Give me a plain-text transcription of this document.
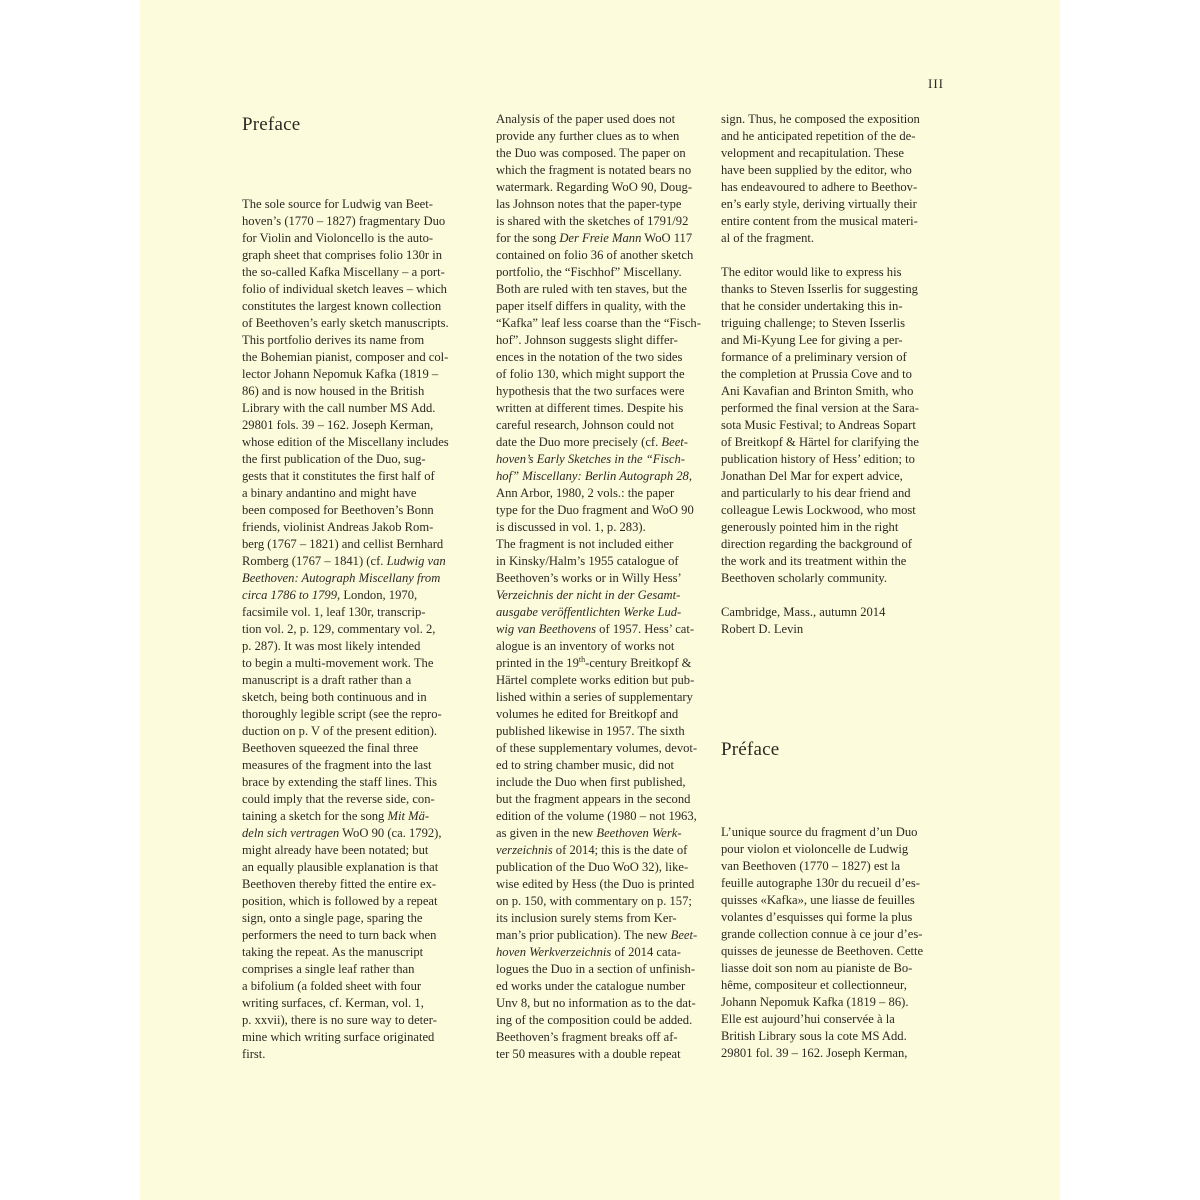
III
Preface

The sole source for Ludwig van Beet-
hoven’s (1770 – 1827) fragmentary Duo
for Violin and Violoncello is the auto-
graph sheet that comprises folio 130r in
the so-called Kafka Miscellany – a port-
folio of individual sketch leaves – which
constitutes the largest known collection
of Beethoven’s early sketch manuscripts.
This portfolio derives its name from
the Bohemian pianist, composer and col-
lector Johann Nepomuk Kafka (1819 –
86) and is now housed in the British
Library with the call number MS Add.
29801 fols. 39 – 162. Joseph Kerman,
whose edition of the Miscellany includes
the first publication of the Duo, sug-
gests that it constitutes the first half of
a binary andantino and might have
been composed for Beethoven’s Bonn
friends, violinist Andreas Jakob Rom-
berg (1767 – 1821) and cellist Bernhard
Romberg (1767 – 1841) (cf. Ludwig van
Beethoven: Autograph Miscellany from
circa 1786 to 1799, London, 1970,
facsimile vol. 1, leaf 130r, transcrip-
tion vol. 2, p. 129, commentary vol. 2,
p. 287). It was most likely intended
to begin a multi-movement work. The
manuscript is a draft rather than a
sketch, being both continuous and in
thoroughly legible script (see the repro-
duction on p. V of the present edition).
Beethoven squeezed the final three
measures of the fragment into the last
brace by extending the staff lines. This
could imply that the reverse side, con-
taining a sketch for the song Mit Mä-
deln sich vertragen WoO 90 (ca. 1792),
might already have been notated; but
an equally plausible explanation is that
Beethoven thereby fitted the entire ex-
position, which is followed by a repeat
sign, onto a single page, sparing the
performers the need to turn back when
taking the repeat. As the manuscript
comprises a single leaf rather than
a bifolium (a folded sheet with four
writing surfaces, cf. Kerman, vol. 1,
p. xxvii), there is no sure way to deter-
mine which writing surface originated
first.

Analysis of the paper used does not
provide any further clues as to when
the Duo was composed. The paper on
which the fragment is notated bears no
watermark. Regarding WoO 90, Doug-
las Johnson notes that the paper-type
is shared with the sketches of 1791/92
for the song Der Freie Mann WoO 117
contained on folio 36 of another sketch
portfolio, the “Fischhof” Miscellany.
Both are ruled with ten staves, but the
paper itself differs in quality, with the
“Kafka” leaf less coarse than the “Fisch-
hof”. Johnson suggests slight differ-
ences in the notation of the two sides
of folio 130, which might support the
hypothesis that the two surfaces were
written at different times. Despite his
careful research, Johnson could not
date the Duo more precisely (cf. Beet-
hoven’s Early Sketches in the “Fisch-
hof” Miscellany: Berlin Autograph 28,
Ann Arbor, 1980, 2 vols.: the paper
type for the Duo fragment and WoO 90
is discussed in vol. 1, p. 283).

The fragment is not included either
in Kinsky/Halm’s 1955 catalogue of
Beethoven’s works or in Willy Hess’
Verzeichnis der nicht in der Gesamt-
ausgabe veröffentlichten Werke Lud-
wig van Beethovens of 1957. Hess’ cat-
alogue is an inventory of works not
printed in the 19th-century Breitkopf &
Härtel complete works edition but pub-
lished within a series of supplementary
volumes he edited for Breitkopf and
published likewise in 1957. The sixth
of these supplementary volumes, devot-
ed to string chamber music, did not
include the Duo when first published,
but the fragment appears in the second
edition of the volume (1980 – not 1963,
as given in the new Beethoven Werk-
verzeichnis of 2014; this is the date of
publication of the Duo WoO 32), like-
wise edited by Hess (the Duo is printed
on p. 150, with commentary on p. 157;
its inclusion surely stems from Ker-
man’s prior publication). The new Beet-
hoven Werkverzeichnis of 2014 cata-
logues the Duo in a section of unfinish-
ed works under the catalogue number
Unv 8, but no information as to the dat-
ing of the composition could be added.

Beethoven’s fragment breaks off af-
ter 50 measures with a double repeat

sign. Thus, he composed the exposition
and he anticipated repetition of the de-
velopment and recapitulation. These
have been supplied by the editor, who
has endeavoured to adhere to Beethov-
en’s early style, deriving virtually their
entire content from the musical materi-
al of the fragment.

The editor would like to express his
thanks to Steven Isserlis for suggesting
that he consider undertaking this in-
triguing challenge; to Steven Isserlis
and Mi-Kyung Lee for giving a per-
formance of a preliminary version of
the completion at Prussia Cove and to
Ani Kavafian and Brinton Smith, who
performed the final version at the Sara-
sota Music Festival; to Andreas Sopart
of Breitkopf & Härtel for clarifying the
publication history of Hess’ edition; to
Jonathan Del Mar for expert advice,
and particularly to his dear friend and
colleague Lewis Lockwood, who most
generously pointed him in the right
direction regarding the background of
the work and its treatment within the
Beethoven scholarly community.

Cambridge, Mass., autumn 2014
Robert D. Levin

Préface

L’unique source du fragment d’un Duo
pour violon et violoncelle de Ludwig
van Beethoven (1770 – 1827) est la
feuille autographe 130r du recueil d’es-
quisses «Kafka», une liasse de feuilles
volantes d’esquisses qui forme la plus
grande collection connue à ce jour d’es-
quisses de jeunesse de Beethoven. Cette
liasse doit son nom au pianiste de Bo-
hême, compositeur et collectionneur,
Johann Nepomuk Kafka (1819 – 86).
Elle est aujourd’hui conservée à la
British Library sous la cote MS Add.
29801 fol. 39 – 162. Joseph Kerman,
